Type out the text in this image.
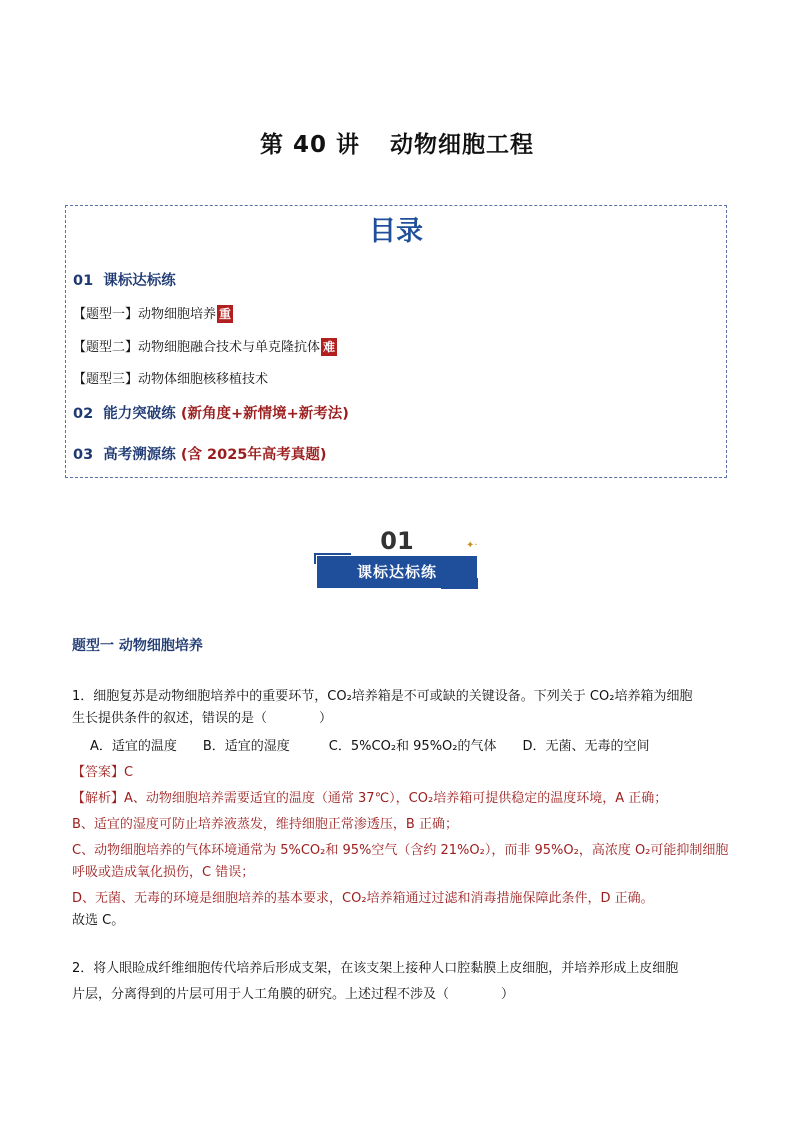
第 40 讲 动物细胞工程
目录
01 课标达标练
【题型一】动物细胞培养 重
【题型二】动物细胞融合技术与单克隆抗体 难
【题型三】动物体细胞核移植技术
02 能力突破练 (新角度+新情境+新考法)
03 高考溯源练 (含 2025年高考真题)
01
课标达标练
✦·
题型一 动物细胞培养
1．细胞复苏是动物细胞培养中的重要环节，CO₂培养箱是不可或缺的关键设备。下列关于 CO₂培养箱为细胞
生长提供条件的叙述，错误的是（　　　　）
A．适宜的温度　　B．适宜的湿度　　　C．5%CO₂和 95%O₂的气体　　D．无菌、无毒的空间
【答案】C
【解析】A、动物细胞培养需要适宜的温度（通常 37℃），CO₂培养箱可提供稳定的温度环境，A 正确；
B、适宜的湿度可防止培养液蒸发，维持细胞正常渗透压，B 正确；
C、动物细胞培养的气体环境通常为 5%CO₂和 95%空气（含约 21%O₂），而非 95%O₂，高浓度 O₂可能抑制细胞
呼吸或造成氧化损伤，C 错误；
D、无菌、无毒的环境是细胞培养的基本要求，CO₂培养箱通过过滤和消毒措施保障此条件，D 正确。
故选 C。
2．将人眼睑成纤维细胞传代培养后形成支架，在该支架上接种人口腔黏膜上皮细胞，并培养形成上皮细胞
片层，分离得到的片层可用于人工角膜的研究。上述过程不涉及（　　　　）
